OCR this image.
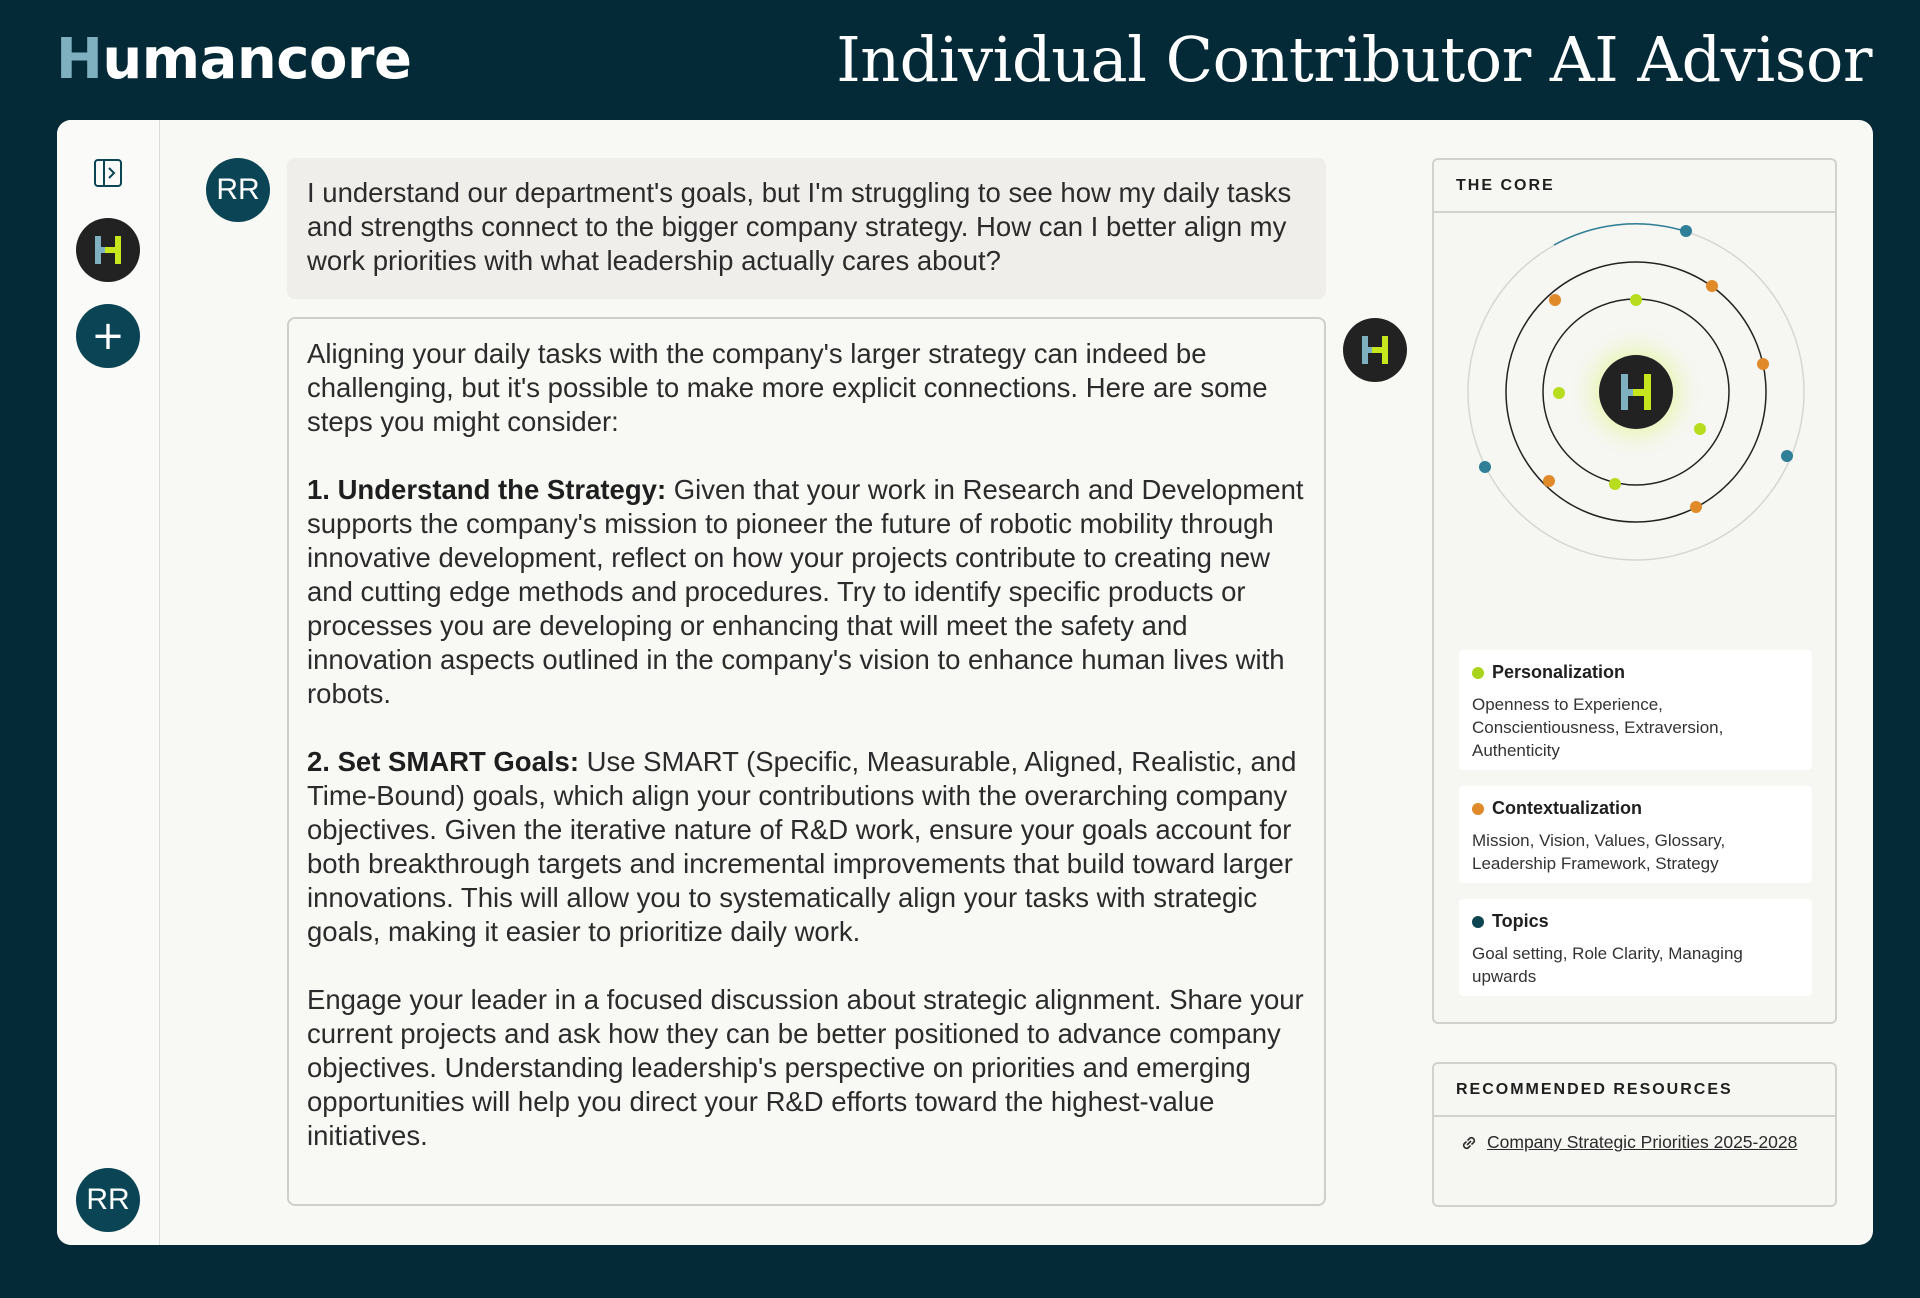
Humancore	Individual Contributor AI Advisor
+
RR
RR	I understand our department's goals, but I'm struggling to see how my daily tasks and strengths connect to the bigger company strategy. How can I better align my work priorities with what leadership actually cares about?

Aligning your daily tasks with the company's larger strategy can indeed be challenging, but it's possible to make more explicit connections. Here are some steps you might consider:

1. Understand the Strategy: Given that your work in Research and Development supports the company's mission to pioneer the future of robotic mobility through innovative development, reflect on how your projects contribute to creating new and cutting edge methods and procedures. Try to identify specific products or processes you are developing or enhancing that will meet the safety and innovation aspects outlined in the company's vision to enhance human lives with robots.

2. Set SMART Goals: Use SMART (Specific, Measurable, Aligned, Realistic, and Time-Bound) goals, which align your contributions with the overarching company objectives. Given the iterative nature of R&D work, ensure your goals account for both breakthrough targets and incremental improvements that build toward larger innovations. This will allow you to systematically align your tasks with strategic goals, making it easier to prioritize daily work.

Engage your leader in a focused discussion about strategic alignment. Share your current projects and ask how they can be better positioned to advance company objectives. Understanding leadership's perspective on priorities and emerging opportunities will help you direct your R&D efforts toward the highest-value initiatives.

THE CORE
Personalization
Openness to Experience, Conscientiousness, Extraversion, Authenticity
Contextualization
Mission, Vision, Values, Glossary, Leadership Framework, Strategy
Topics
Goal setting, Role Clarity, Managing upwards
RECOMMENDED RESOURCES
Company Strategic Priorities 2025-2028
